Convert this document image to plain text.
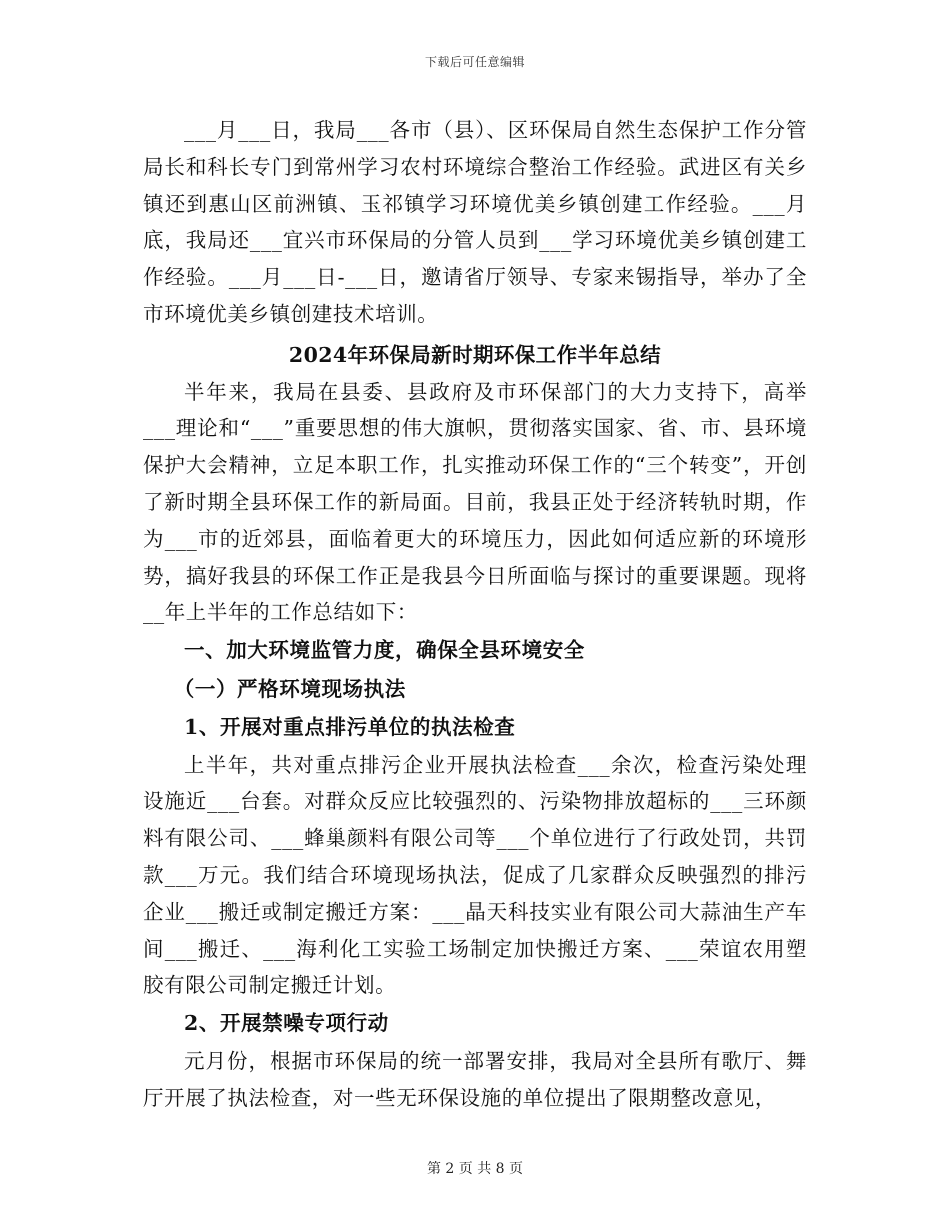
下载后可任意编辑

___月___日，我局___各市（县）、区环保局自然生态保护工作分管局长和科长专门到常州学习农村环境综合整治工作经验。武进区有关乡镇还到惠山区前洲镇、玉祁镇学习环境优美乡镇创建工作经验。___月底，我局还___宜兴市环保局的分管人员到___学习环境优美乡镇创建工作经验。___月___日-___日，邀请省厅领导、专家来锡指导，举办了全市环境优美乡镇创建技术培训。

2024年环保局新时期环保工作半年总结

半年来，我局在县委、县政府及市环保部门的大力支持下，高举___理论和“___”重要思想的伟大旗帜，贯彻落实国家、省、市、县环境保护大会精神，立足本职工作，扎实推动环保工作的“三个转变”，开创了新时期全县环保工作的新局面。目前，我县正处于经济转轨时期，作为___市的近郊县，面临着更大的环境压力，因此如何适应新的环境形势，搞好我县的环保工作正是我县今日所面临与探讨的重要课题。现将__年上半年的工作总结如下：

一、加大环境监管力度，确保全县环境安全

（一）严格环境现场执法

1、开展对重点排污单位的执法检查

上半年，共对重点排污企业开展执法检查___余次，检查污染处理设施近___台套。对群众反应比较强烈的、污染物排放超标的___三环颜料有限公司、___蜂巢颜料有限公司等___个单位进行了行政处罚，共罚款___万元。我们结合环境现场执法，促成了几家群众反映强烈的排污企业___搬迁或制定搬迁方案：___晶天科技实业有限公司大蒜油生产车间___搬迁、___海利化工实验工场制定加快搬迁方案、___荣谊农用塑胶有限公司制定搬迁计划。

2、开展禁噪专项行动

元月份，根据市环保局的统一部署安排，我局对全县所有歌厅、舞厅开展了执法检查，对一些无环保设施的单位提出了限期整改意见，

第 2 页 共 8 页
